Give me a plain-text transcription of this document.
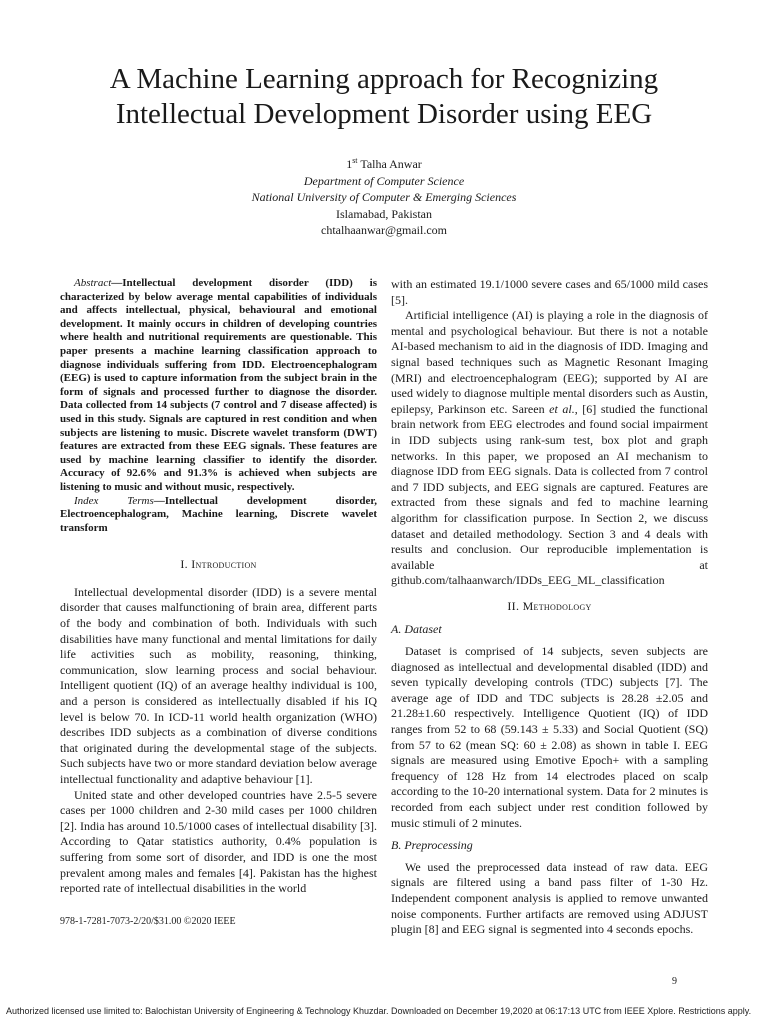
A Machine Learning approach for Recognizing
Intellectual Development Disorder using EEG
1st Talha Anwar
Department of Computer Science
National University of Computer & Emerging Sciences
Islamabad, Pakistan
chtalhaanwar@gmail.com

Abstract—Intellectual development disorder (IDD) is characterized by below average mental capabilities of individuals and affects intellectual, physical, behavioural and emotional development. It mainly occurs in children of developing countries where health and nutritional requirements are questionable. This paper presents a machine learning classification approach to diagnose individuals suffering from IDD. Electroencephalogram (EEG) is used to capture information from the subject brain in the form of signals and processed further to diagnose the disorder. Data collected from 14 subjects (7 control and 7 disease affected) is used in this study. Signals are captured in rest condition and when subjects are listening to music. Discrete wavelet transform (DWT) features are extracted from these EEG signals. These features are used by machine learning classifier to identify the disorder. Accuracy of 92.6% and 91.3% is achieved when subjects are listening to music and without music, respectively.

Index Terms—Intellectual development disorder, Electroencephalogram, Machine learning, Discrete wavelet transform

I. Introduction

Intellectual developmental disorder (IDD) is a severe mental disorder that causes malfunctioning of brain area, different parts of the body and combination of both. Individuals with such disabilities have many functional and mental limitations for daily life activities such as mobility, reasoning, thinking, communication, slow learning process and social behaviour. Intelligent quotient (IQ) of an average healthy individual is 100, and a person is considered as intellectually disabled if his IQ level is below 70. In ICD-11 world health organization (WHO) describes IDD subjects as a combination of diverse conditions that originated during the developmental stage of the subjects. Such subjects have two or more standard deviation below average intellectual functionality and adaptive behaviour [1].

United state and other developed countries have 2.5-5 severe cases per 1000 children and 2-30 mild cases per 1000 children [2]. India has around 10.5/1000 cases of intellectual disability [3]. According to Qatar statistics authority, 0.4% population is suffering from some sort of disorder, and IDD is one the most prevalent among males and females [4]. Pakistan has the highest reported rate of intellectual disabilities in the world

with an estimated 19.1/1000 severe cases and 65/1000 mild cases [5].

Artificial intelligence (AI) is playing a role in the diagnosis of mental and psychological behaviour. But there is not a notable AI-based mechanism to aid in the diagnosis of IDD. Imaging and signal based techniques such as Magnetic Resonant Imaging (MRI) and electroencephalogram (EEG); supported by AI are used widely to diagnose multiple mental disorders such as Austin, epilepsy, Parkinson etc. Sareen et al., [6] studied the functional brain network from EEG electrodes and found social impairment in IDD subjects using rank-sum test, box plot and graph networks. In this paper, we proposed an AI mechanism to diagnose IDD from EEG signals. Data is collected from 7 control and 7 IDD subjects, and EEG signals are captured. Features are extracted from these signals and fed to machine learning algorithm for classification purpose. In Section 2, we discuss dataset and detailed methodology. Section 3 and 4 deals with results and conclusion. Our reproducible implementation is available at github.com/talhaanwarch/IDDs_EEG_ML_classification

II. Methodology
A. Dataset

Dataset is comprised of 14 subjects, seven subjects are diagnosed as intellectual and developmental disabled (IDD) and seven typically developing controls (TDC) subjects [7]. The average age of IDD and TDC subjects is 28.28 ±2.05 and 21.28±1.60 respectively. Intelligence Quotient (IQ) of IDD ranges from 52 to 68 (59.143 ± 5.33) and Social Quotient (SQ) from 57 to 62 (mean SQ: 60 ± 2.08) as shown in table I. EEG signals are measured using Emotive Epoch+ with a sampling frequency of 128 Hz from 14 electrodes placed on scalp according to the 10-20 international system. Data for 2 minutes is recorded from each subject under rest condition followed by music stimuli of 2 minutes.

B. Preprocessing

We used the preprocessed data instead of raw data. EEG signals are filtered using a band pass filter of 1-30 Hz. Independent component analysis is applied to remove unwanted noise components. Further artifacts are removed using ADJUST plugin [8] and EEG signal is segmented into 4 seconds epochs.

978-1-7281-7073-2/20/$31.00 ©2020 IEEE
9
Authorized licensed use limited to: Balochistan University of Engineering & Technology Khuzdar. Downloaded on December 19,2020 at 06:17:13 UTC from IEEE Xplore. Restrictions apply.
